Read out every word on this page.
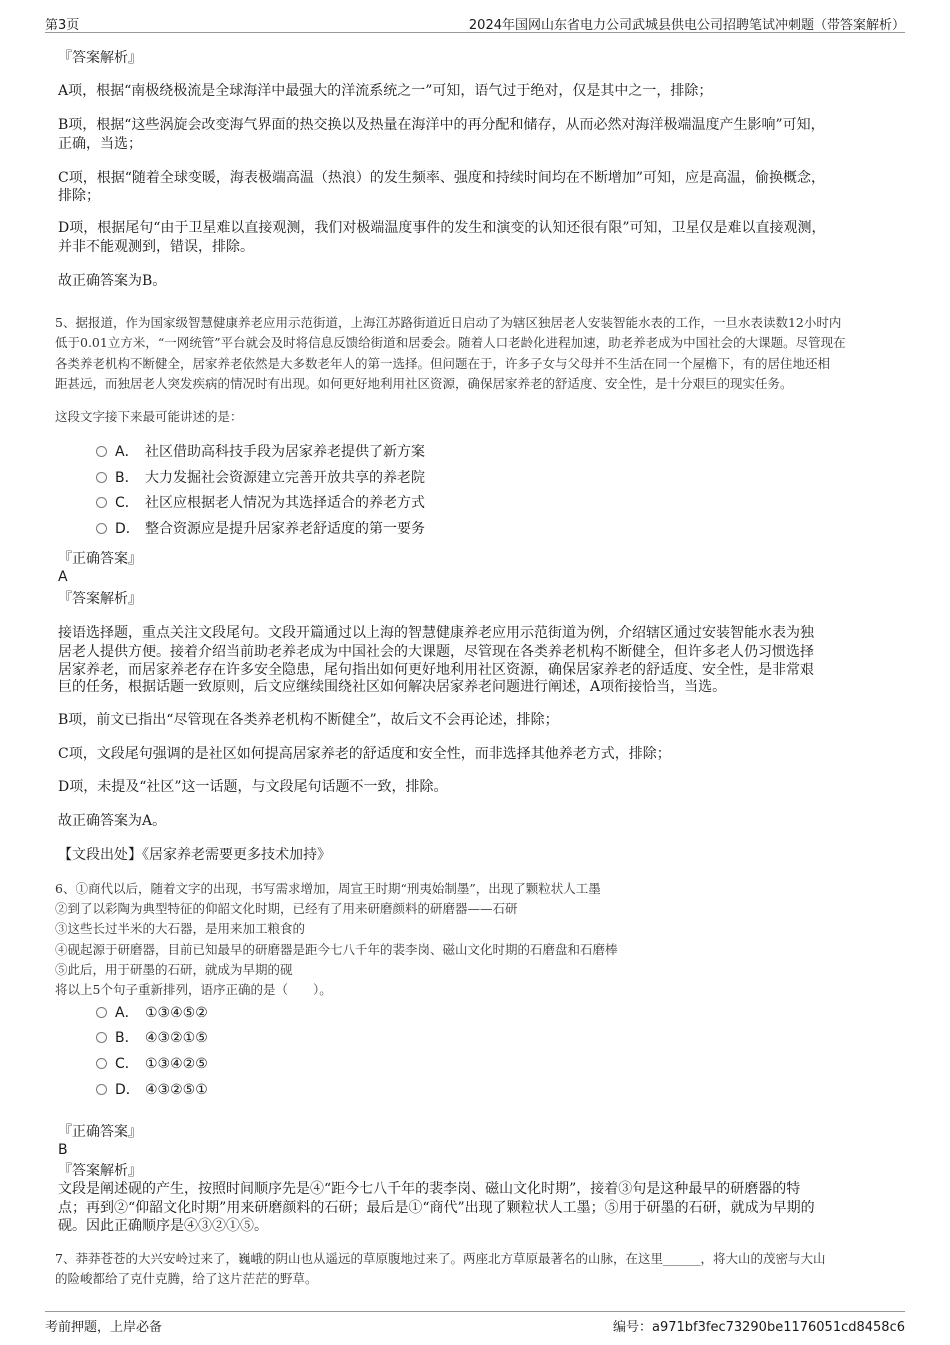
第3页	2024年国网山东省电力公司武城县供电公司招聘笔试冲刺题（带答案解析）
『答案解析』
A项，根据“南极绕极流是全球海洋中最强大的洋流系统之一”可知，语气过于绝对，仅是其中之一，排除；
B项，根据“这些涡旋会改变海气界面的热交换以及热量在海洋中的再分配和储存，从而必然对海洋极端温度产生影响”可知，
正确，当选；
C项，根据“随着全球变暖，海表极端高温（热浪）的发生频率、强度和持续时间均在不断增加”可知，应是高温，偷换概念，
排除；
D项，根据尾句“由于卫星难以直接观测，我们对极端温度事件的发生和演变的认知还很有限”可知，卫星仅是难以直接观测，
并非不能观测到，错误，排除。
故正确答案为B。
5、据报道，作为国家级智慧健康养老应用示范街道，上海江苏路街道近日启动了为辖区独居老人安装智能水表的工作，一旦水表读数12小时内
低于0.01立方米，“一网统管”平台就会及时将信息反馈给街道和居委会。随着人口老龄化进程加速，助老养老成为中国社会的大课题。尽管现在
各类养老机构不断健全，居家养老依然是大多数老年人的第一选择。但问题在于，许多子女与父母并不生活在同一个屋檐下，有的居住地还相
距甚远，而独居老人突发疾病的情况时有出现。如何更好地利用社区资源，确保居家养老的舒适度、安全性，是十分艰巨的现实任务。
这段文字接下来最可能讲述的是：
A． 社区借助高科技手段为居家养老提供了新方案
B． 大力发掘社会资源建立完善开放共享的养老院
C． 社区应根据老人情况为其选择适合的养老方式
D． 整合资源应是提升居家养老舒适度的第一要务
『正确答案』
A
『答案解析』
接语选择题，重点关注文段尾句。文段开篇通过以上海的智慧健康养老应用示范街道为例，介绍辖区通过安装智能水表为独
居老人提供方便。接着介绍当前助老养老成为中国社会的大课题，尽管现在各类养老机构不断健全，但许多老人仍习惯选择
居家养老，而居家养老存在许多安全隐患，尾句指出如何更好地利用社区资源，确保居家养老的舒适度、安全性，是非常艰
巨的任务，根据话题一致原则，后文应继续围绕社区如何解决居家养老问题进行阐述，A项衔接恰当，当选。
B项，前文已指出“尽管现在各类养老机构不断健全”，故后文不会再论述，排除；
C项，文段尾句强调的是社区如何提高居家养老的舒适度和安全性，而非选择其他养老方式，排除；
D项，未提及“社区”这一话题，与文段尾句话题不一致，排除。
故正确答案为A。
【文段出处】《居家养老需要更多技术加持》
6、①商代以后，随着文字的出现，书写需求增加，周宣王时期“刑夷始制墨”，出现了颗粒状人工墨
②到了以彩陶为典型特征的仰韶文化时期，已经有了用来研磨颜料的研磨器——石研
③这些长过半米的大石器，是用来加工粮食的
④砚起源于研磨器，目前已知最早的研磨器是距今七八千年的裴李岗、磁山文化时期的石磨盘和石磨棒
⑤此后，用于研墨的石研，就成为早期的砚
将以上5个句子重新排列，语序正确的是（　　）。
A． ①③④⑤②
B． ④③②①⑤
C． ①③④②⑤
D． ④③②⑤①
『正确答案』
B
『答案解析』
文段是阐述砚的产生，按照时间顺序先是④“距今七八千年的裴李岗、磁山文化时期”，接着③句是这种最早的研磨器的特
点；再到②“仰韶文化时期”用来研磨颜料的石研；最后是①“商代”出现了颗粒状人工墨；⑤用于研墨的石研，就成为早期的
砚。因此正确顺序是④③②①⑤。
7、莽莽苍苍的大兴安岭过来了，巍峨的阴山也从遥远的草原腹地过来了。两座北方草原最著名的山脉，在这里______，将大山的茂密与大山
的险峻都给了克什克腾，给了这片茫茫的野草。
考前押题，上岸必备	编号：a971bf3fec73290be1176051cd8458c6
